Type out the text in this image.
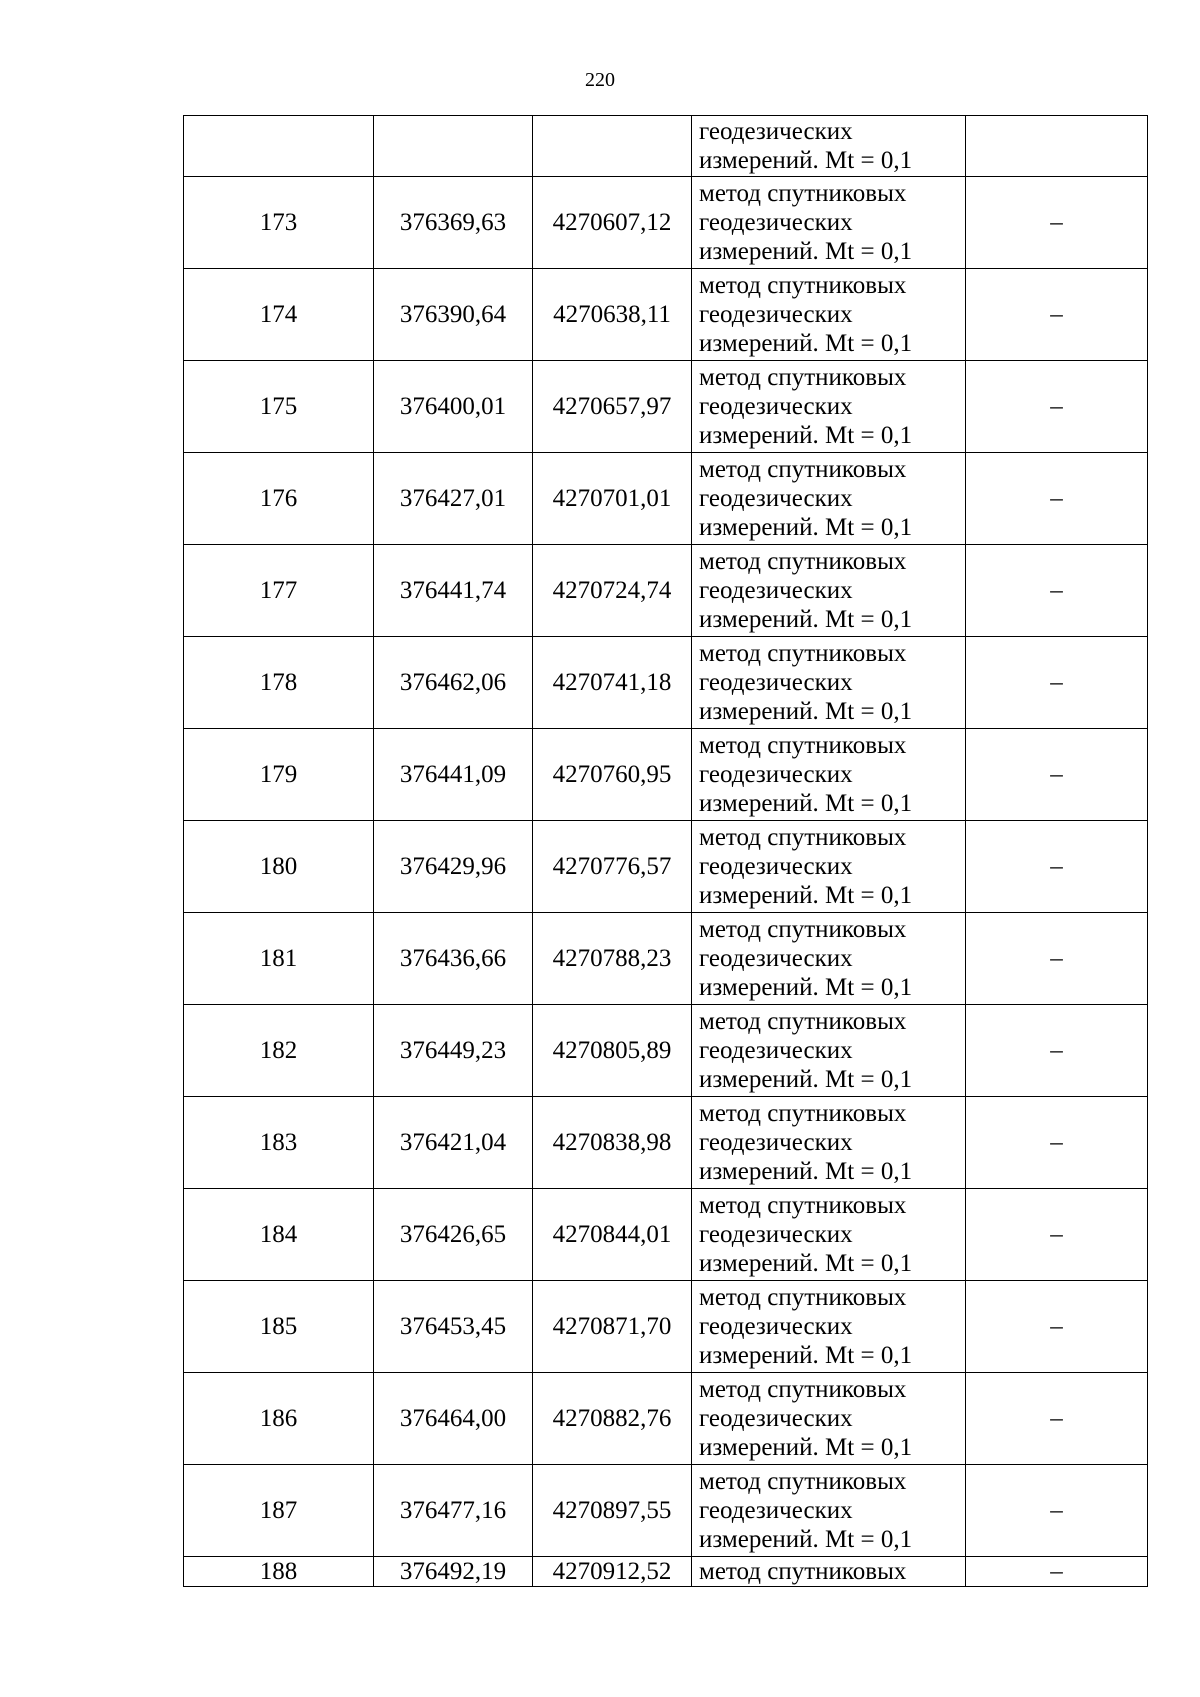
220

			геодезических
измерений. Mt = 0,1	

173	376369,63	4270607,12	метод спутниковых
геодезических
измерений. Mt = 0,1	–
174	376390,64	4270638,11	метод спутниковых
геодезических
измерений. Mt = 0,1	–
175	376400,01	4270657,97	метод спутниковых
геодезических
измерений. Mt = 0,1	–
176	376427,01	4270701,01	метод спутниковых
геодезических
измерений. Mt = 0,1	–
177	376441,74	4270724,74	метод спутниковых
геодезических
измерений. Mt = 0,1	–
178	376462,06	4270741,18	метод спутниковых
геодезических
измерений. Mt = 0,1	–
179	376441,09	4270760,95	метод спутниковых
геодезических
измерений. Mt = 0,1	–
180	376429,96	4270776,57	метод спутниковых
геодезических
измерений. Mt = 0,1	–
181	376436,66	4270788,23	метод спутниковых
геодезических
измерений. Mt = 0,1	–
182	376449,23	4270805,89	метод спутниковых
геодезических
измерений. Mt = 0,1	–
183	376421,04	4270838,98	метод спутниковых
геодезических
измерений. Mt = 0,1	–
184	376426,65	4270844,01	метод спутниковых
геодезических
измерений. Mt = 0,1	–
185	376453,45	4270871,70	метод спутниковых
геодезических
измерений. Mt = 0,1	–
186	376464,00	4270882,76	метод спутниковых
геодезических
измерений. Mt = 0,1	–
187	376477,16	4270897,55	метод спутниковых
геодезических
измерений. Mt = 0,1	–
188	376492,19	4270912,52	метод спутниковых	–
